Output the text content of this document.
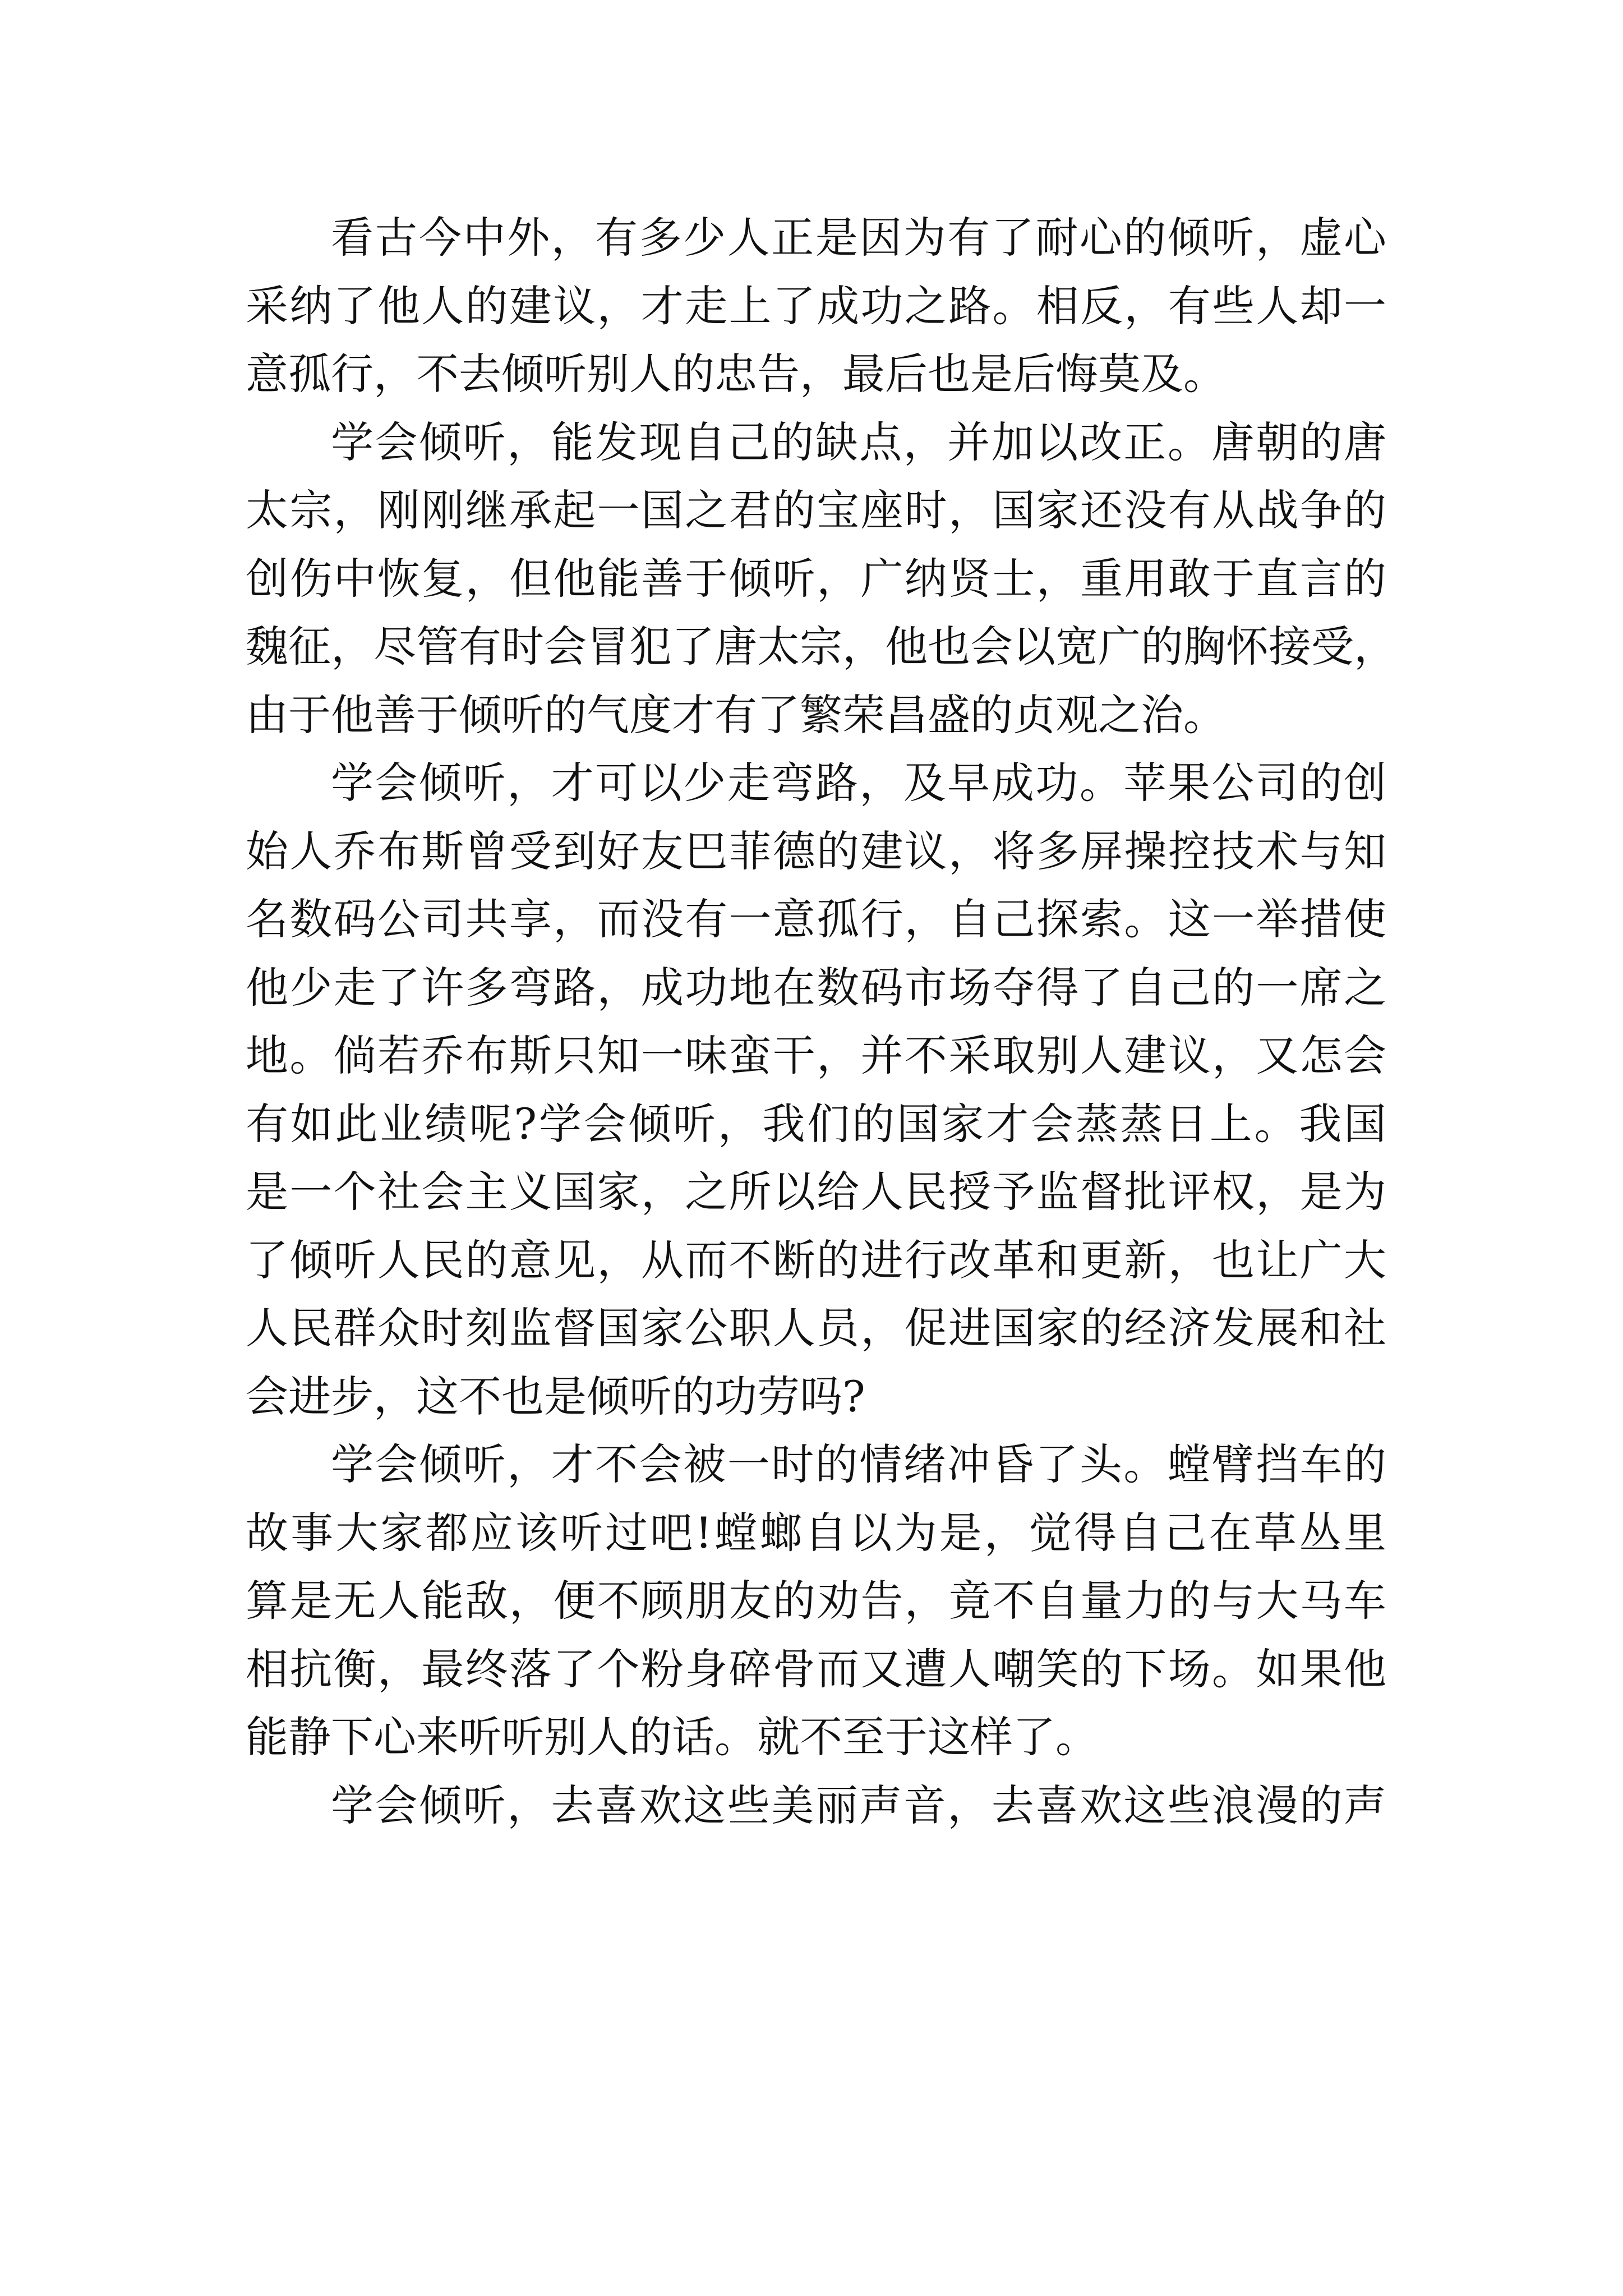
看古今中外，有多少人正是因为有了耐心的倾听，虚心
采纳了他人的建议，才走上了成功之路。相反，有些人却一
意孤行，不去倾听别人的忠告，最后也是后悔莫及。
学会倾听，能发现自己的缺点，并加以改正。唐朝的唐
太宗，刚刚继承起一国之君的宝座时，国家还没有从战争的
创伤中恢复，但他能善于倾听，广纳贤士，重用敢于直言的
魏征，尽管有时会冒犯了唐太宗，他也会以宽广的胸怀接受，
由于他善于倾听的气度才有了繁荣昌盛的贞观之治。
学会倾听，才可以少走弯路，及早成功。苹果公司的创
始人乔布斯曾受到好友巴菲德的建议，将多屏操控技术与知
名数码公司共享，而没有一意孤行，自己探索。这一举措使
他少走了许多弯路，成功地在数码市场夺得了自己的一席之
地。倘若乔布斯只知一味蛮干，并不采取别人建议，又怎会
有如此业绩呢?学会倾听，我们的国家才会蒸蒸日上。我国
是一个社会主义国家，之所以给人民授予监督批评权，是为
了倾听人民的意见，从而不断的进行改革和更新，也让广大
人民群众时刻监督国家公职人员，促进国家的经济发展和社
会进步，这不也是倾听的功劳吗?
学会倾听，才不会被一时的情绪冲昏了头。螳臂挡车的
故事大家都应该听过吧!螳螂自以为是，觉得自己在草丛里
算是无人能敌，便不顾朋友的劝告，竟不自量力的与大马车
相抗衡，最终落了个粉身碎骨而又遭人嘲笑的下场。如果他
能静下心来听听别人的话。就不至于这样了。
学会倾听，去喜欢这些美丽声音，去喜欢这些浪漫的声
